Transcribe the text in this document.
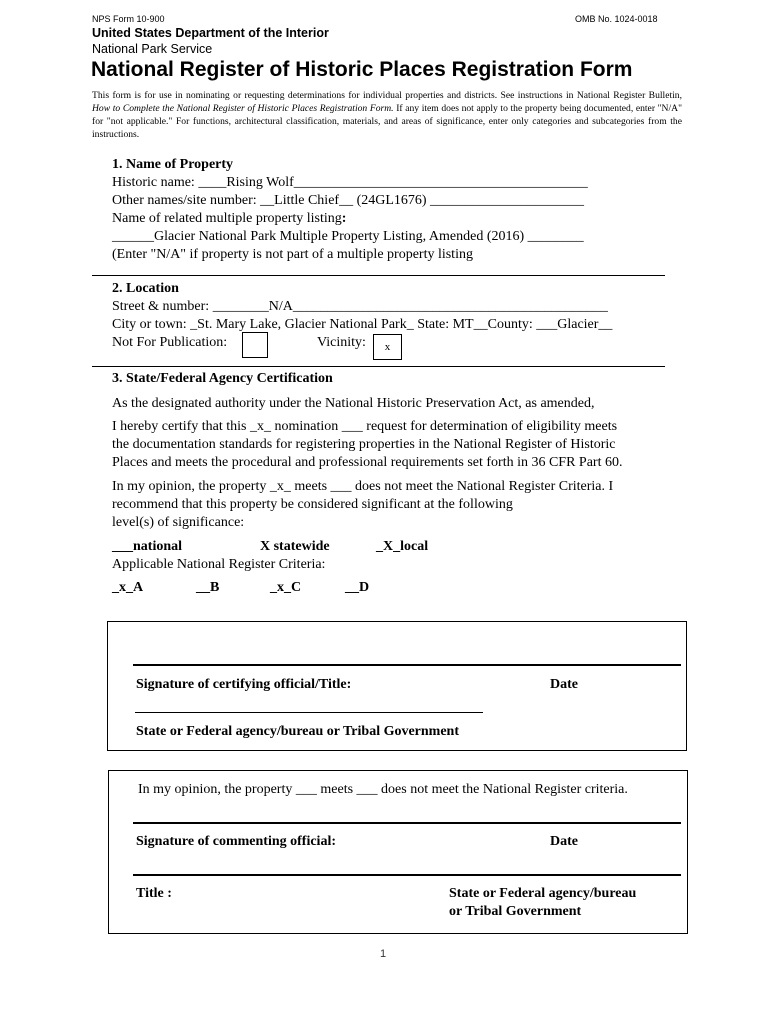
NPS Form 10-900	OMB No. 1024-0018
United States Department of the Interior
National Park Service
National Register of Historic Places Registration Form
This form is for use in nominating or requesting determinations for individual properties and districts. See instructions in National Register Bulletin, How to Complete the National Register of Historic Places Registration Form. If any item does not apply to the property being documented, enter "N/A" for "not applicable." For functions, architectural classification, materials, and areas of significance, enter only categories and subcategories from the instructions.
1. Name of Property
Historic name: ____Rising Wolf__________________________________________
Other names/site number: __Little Chief__ (24GL1676) ______________________
Name of related multiple property listing:
______Glacier National Park Multiple Property Listing, Amended (2016) ________
(Enter "N/A" if property is not part of a multiple property listing
2. Location
Street & number: ________N/A_____________________________________________
City or town: _St. Mary Lake, Glacier National Park_ State: MT__County: ___Glacier__
Not For Publication:	Vicinity:	x
3. State/Federal Agency Certification
As the designated authority under the National Historic Preservation Act, as amended,
I hereby certify that this _x_ nomination ___ request for determination of eligibility meets
the documentation standards for registering properties in the National Register of Historic
Places and meets the procedural and professional requirements set forth in 36 CFR Part 60.
In my opinion, the property _x_ meets ___ does not meet the National Register Criteria. I
recommend that this property be considered significant at the following
level(s) of significance:
___national	X statewide	_X_local
Applicable National Register Criteria:
_x_A	__B	_x_C	__D
Signature of certifying official/Title:	Date
State or Federal agency/bureau or Tribal Government
In my opinion, the property ___ meets ___ does not meet the National Register criteria.
Signature of commenting official:	Date
Title :	State or Federal agency/bureau
or Tribal Government
1
